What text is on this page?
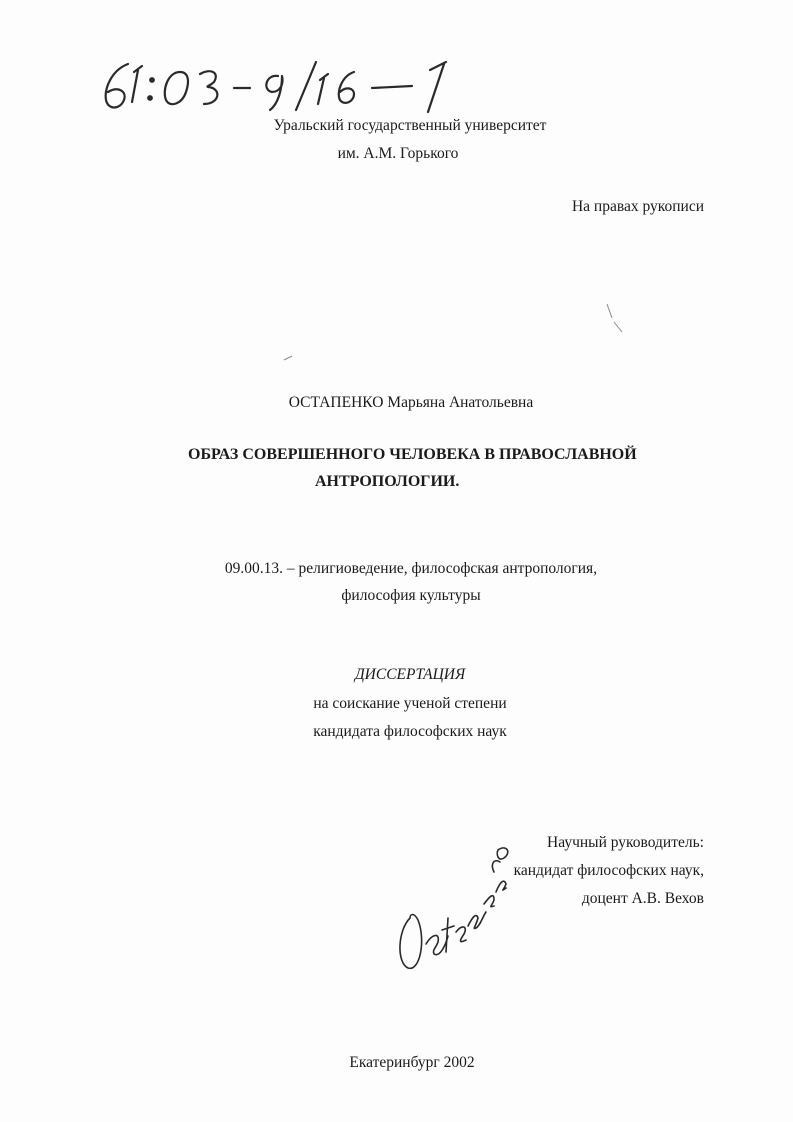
Уральский государственный университет
им. А.М. Горького
На правах рукописи
ОСТАПЕНКО Марьяна Анатольевна
ОБРАЗ СОВЕРШЕННОГО ЧЕЛОВЕКА В ПРАВОСЛАВНОЙ
АНТРОПОЛОГИИ.
09.00.13. – религиоведение, философская антропология,
философия культуры
ДИССЕРТАЦИЯ
на соискание ученой степени
кандидата философских наук
Научный руководитель:
кандидат философских наук,
доцент А.В. Вехов
Екатеринбург 2002
